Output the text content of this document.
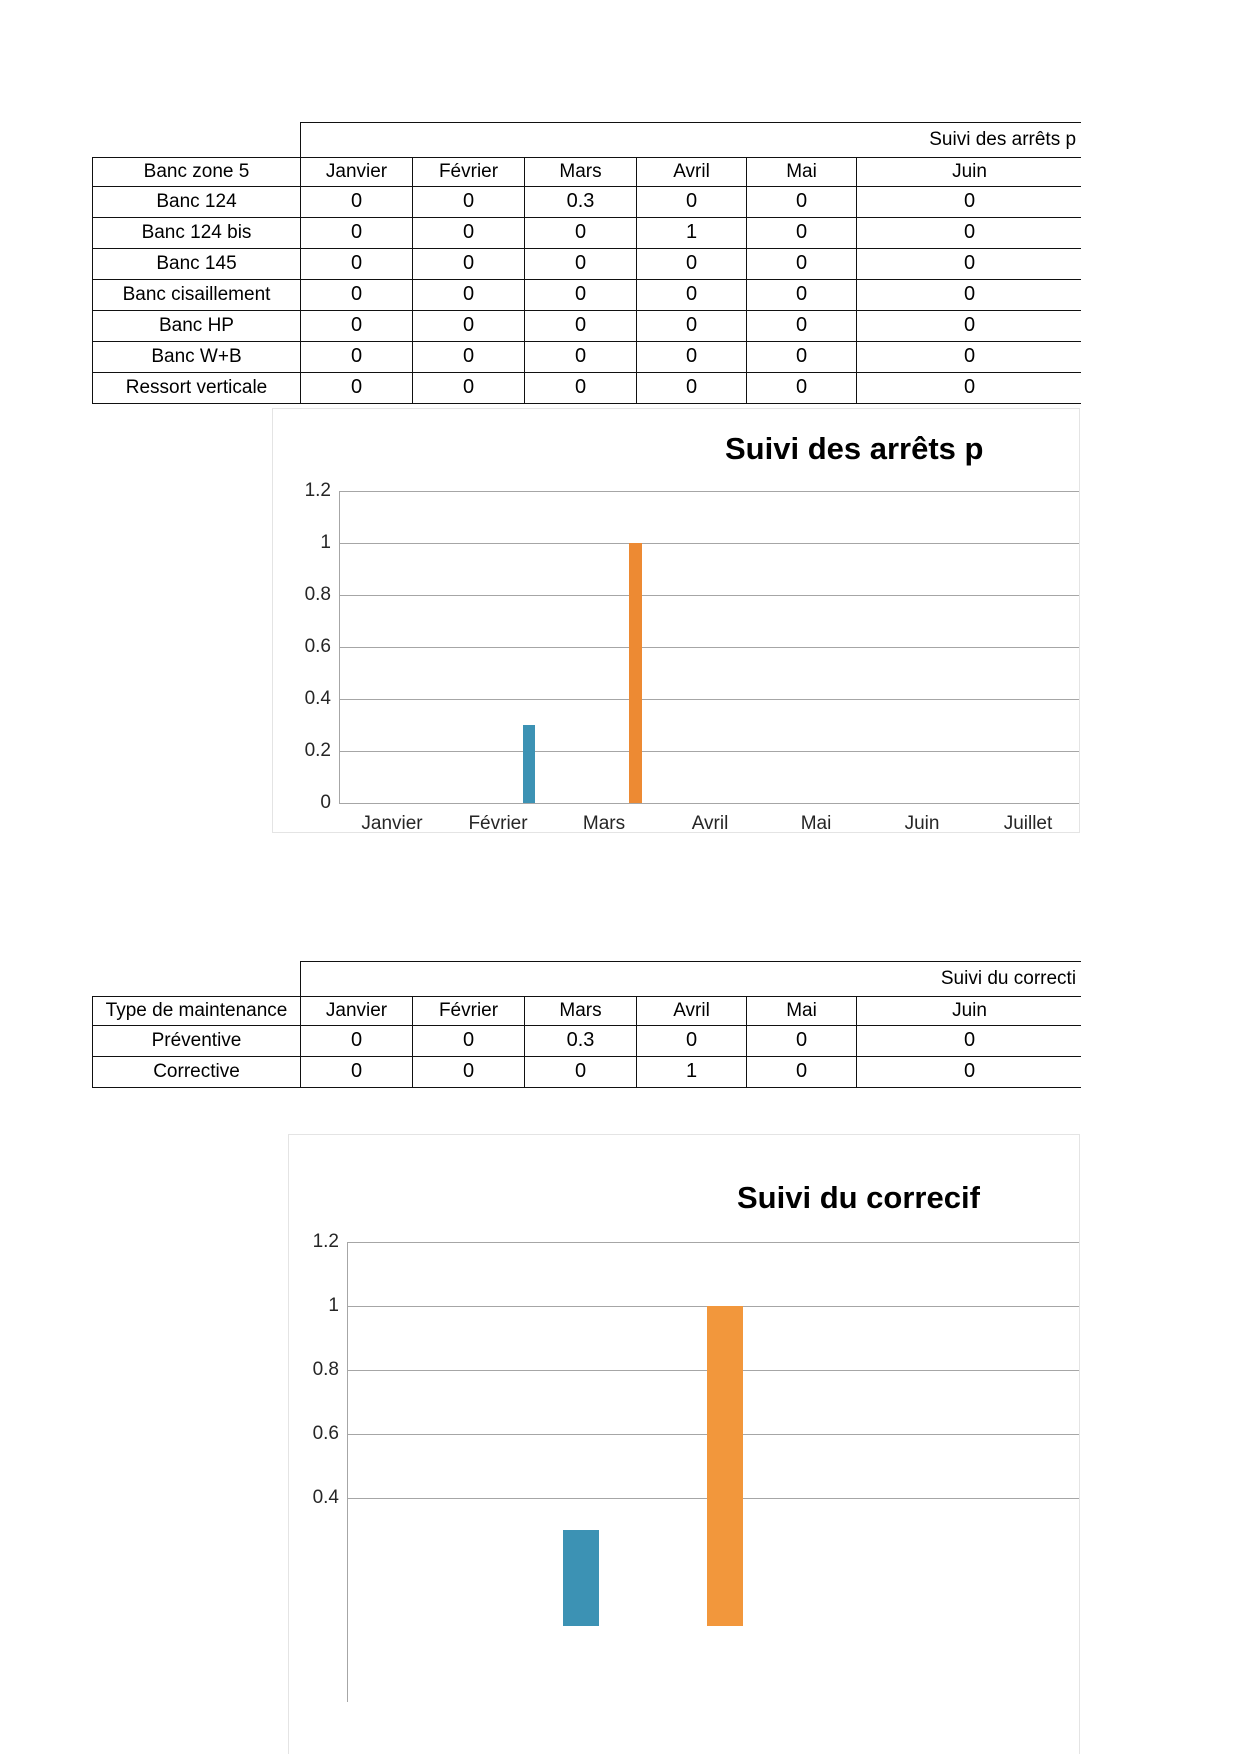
	Suivi des arrêts p					
Banc zone 5	Janvier	Février	Mars	Avril	Mai	Juin
Banc 124	0	0	0.3	0	0	0
Banc 124 bis	0	0	0	1	0	0
Banc 145	0	0	0	0	0	0
Banc cisaillement	0	0	0	0	0	0
Banc HP	0	0	0	0	0	0
Banc W+B	0	0	0	0	0	0
Ressort verticale	0	0	0	0	0	0
Suivi des arrêts p
1.2
1
0.8
0.6
0.4
0.2
0
Janvier	Février	Mars	Avril	Mai	Juin	Juillet
	Suivi du correcti					
Type de maintenance	Janvier	Février	Mars	Avril	Mai	Juin
Préventive	0	0	0.3	0	0	0
Corrective	0	0	0	1	0	0
Suivi du correcif
1.2
1
0.8
0.6
0.4
